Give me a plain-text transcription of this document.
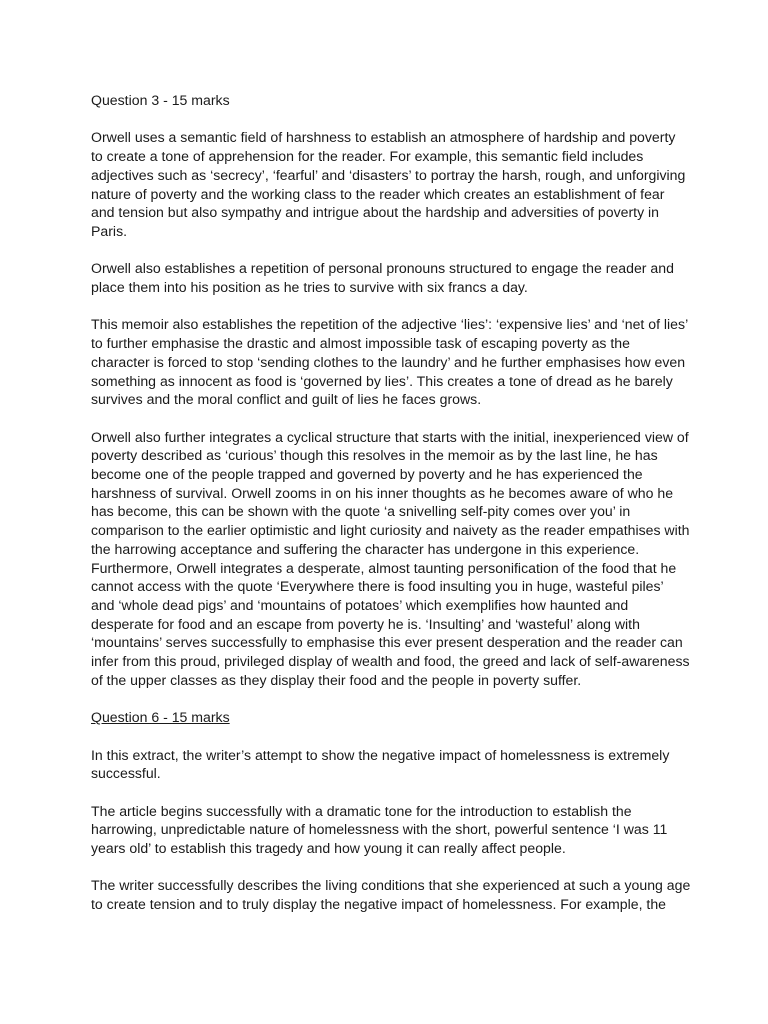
Question 3 - 15 marks

Orwell uses a semantic field of harshness to establish an atmosphere of hardship and poverty
to create a tone of apprehension for the reader. For example, this semantic field includes
adjectives such as ‘secrecy’, ‘fearful’ and ‘disasters’ to portray the harsh, rough, and unforgiving
nature of poverty and the working class to the reader which creates an establishment of fear
and tension but also sympathy and intrigue about the hardship and adversities of poverty in
Paris.

Orwell also establishes a repetition of personal pronouns structured to engage the reader and
place them into his position as he tries to survive with six francs a day.

This memoir also establishes the repetition of the adjective ‘lies’: ‘expensive lies’ and ‘net of lies’
to further emphasise the drastic and almost impossible task of escaping poverty as the
character is forced to stop ‘sending clothes to the laundry’ and he further emphasises how even
something as innocent as food is ‘governed by lies’. This creates a tone of dread as he barely
survives and the moral conflict and guilt of lies he faces grows.

Orwell also further integrates a cyclical structure that starts with the initial, inexperienced view of
poverty described as ‘curious’ though this resolves in the memoir as by the last line, he has
become one of the people trapped and governed by poverty and he has experienced the
harshness of survival. Orwell zooms in on his inner thoughts as he becomes aware of who he
has become, this can be shown with the quote ‘a snivelling self-pity comes over you’ in
comparison to the earlier optimistic and light curiosity and naivety as the reader empathises with
the harrowing acceptance and suffering the character has undergone in this experience.
Furthermore, Orwell integrates a desperate, almost taunting personification of the food that he
cannot access with the quote ‘Everywhere there is food insulting you in huge, wasteful piles’
and ‘whole dead pigs’ and ‘mountains of potatoes’ which exemplifies how haunted and
desperate for food and an escape from poverty he is. ‘Insulting’ and ‘wasteful’ along with
‘mountains’ serves successfully to emphasise this ever present desperation and the reader can
infer from this proud, privileged display of wealth and food, the greed and lack of self-awareness
of the upper classes as they display their food and the people in poverty suffer.

Question 6 - 15 marks

In this extract, the writer’s attempt to show the negative impact of homelessness is extremely
successful.

The article begins successfully with a dramatic tone for the introduction to establish the
harrowing, unpredictable nature of homelessness with the short, powerful sentence ‘I was 11
years old’ to establish this tragedy and how young it can really affect people.

The writer successfully describes the living conditions that she experienced at such a young age
to create tension and to truly display the negative impact of homelessness. For example, the
